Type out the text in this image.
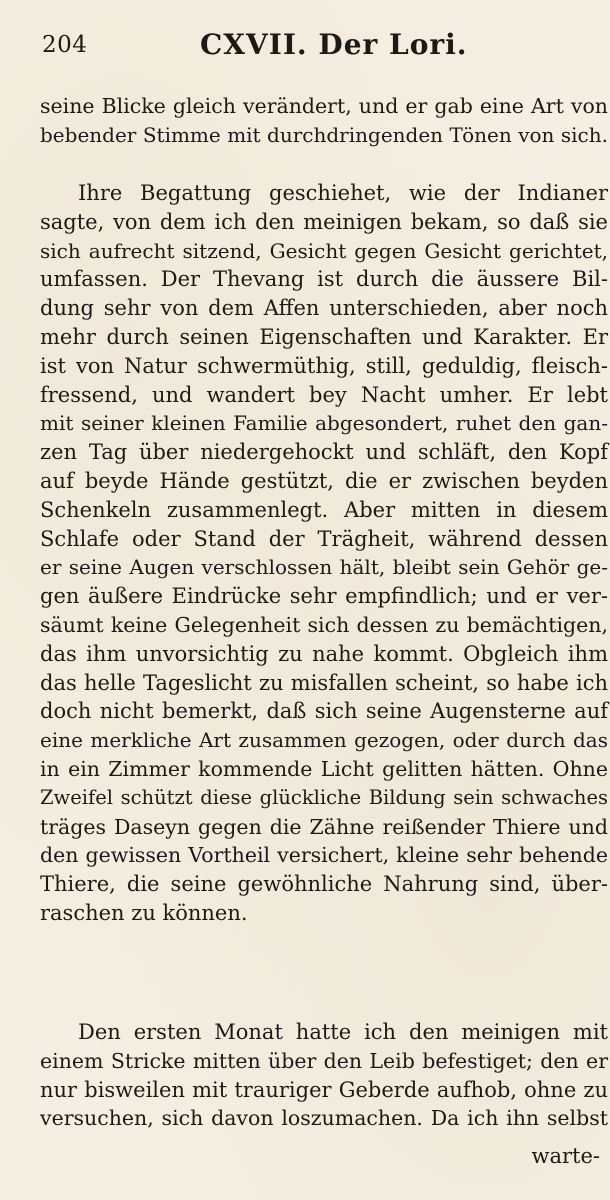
204	CXVII. Der Lori.
seine Blicke gleich verändert, und er gab eine Art von
bebender Stimme mit durchdringenden Tönen von sich.
Ihre Begattung geschiehet, wie der Indianer
sagte, von dem ich den meinigen bekam, so daß sie
sich aufrecht sitzend, Gesicht gegen Gesicht gerichtet,
umfassen. Der Thevang ist durch die äussere Bil-
dung sehr von dem Affen unterschieden, aber noch
mehr durch seinen Eigenschaften und Karakter. Er
ist von Natur schwermüthig, still, geduldig, fleisch-
fressend, und wandert bey Nacht umher. Er lebt
mit seiner kleinen Familie abgesondert, ruhet den gan-
zen Tag über niedergehockt und schläft, den Kopf
auf beyde Hände gestützt, die er zwischen beyden
Schenkeln zusammenlegt. Aber mitten in diesem
Schlafe oder Stand der Trägheit, während dessen
er seine Augen verschlossen hält, bleibt sein Gehör ge-
gen äußere Eindrücke sehr empfindlich; und er ver-
säumt keine Gelegenheit sich dessen zu bemächtigen,
das ihm unvorsichtig zu nahe kommt. Obgleich ihm
das helle Tageslicht zu misfallen scheint, so habe ich
doch nicht bemerkt, daß sich seine Augensterne auf
eine merkliche Art zusammen gezogen, oder durch das
in ein Zimmer kommende Licht gelitten hätten. Ohne
Zweifel schützt diese glückliche Bildung sein schwaches
träges Daseyn gegen die Zähne reißender Thiere und
den gewissen Vortheil versichert, kleine sehr behende
Thiere, die seine gewöhnliche Nahrung sind, über-
raschen zu können.
Den ersten Monat hatte ich den meinigen mit
einem Stricke mitten über den Leib befestiget; den er
nur bisweilen mit trauriger Geberde aufhob, ohne zu
versuchen, sich davon loszumachen. Da ich ihn selbst
warte-
